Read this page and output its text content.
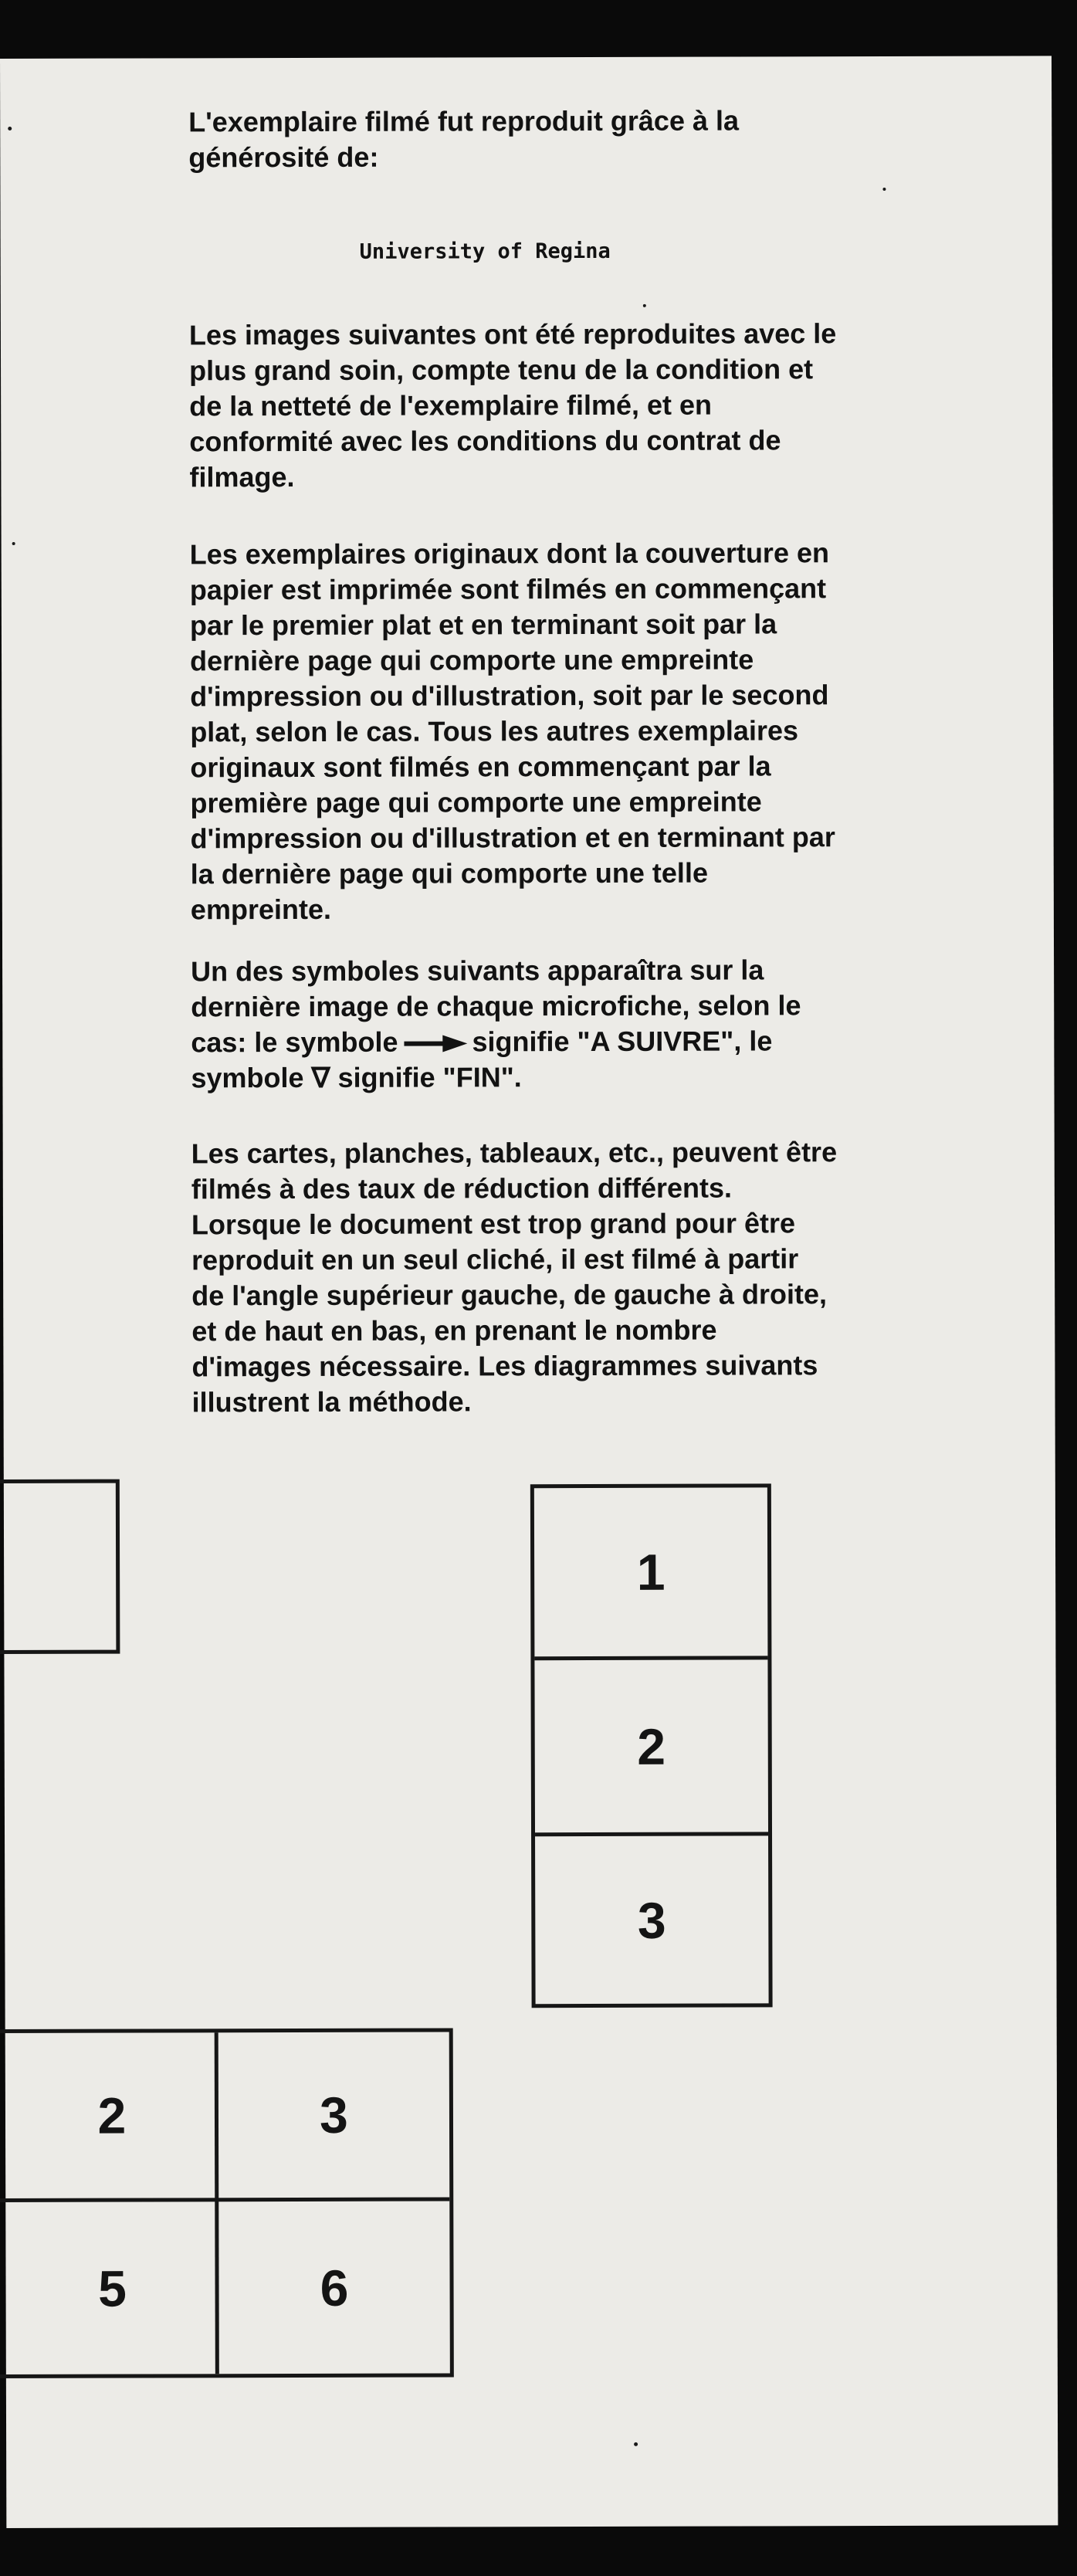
L'exemplaire filmé fut reproduit grâce à la
générosité de:

University of Regina

Les images suivantes ont été reproduites avec le
plus grand soin, compte tenu de la condition et
de la netteté de l'exemplaire filmé, et en
conformité avec les conditions du contrat de
filmage.

Les exemplaires originaux dont la couverture en
papier est imprimée sont filmés en commençant
par le premier plat et en terminant soit par la
dernière page qui comporte une empreinte
d'impression ou d'illustration, soit par le second
plat, selon le cas. Tous les autres exemplaires
originaux sont filmés en commençant par la
première page qui comporte une empreinte
d'impression ou d'illustration et en terminant par
la dernière page qui comporte une telle
empreinte.

Un des symboles suivants apparaîtra sur la
dernière image de chaque microfiche, selon le
cas: le symbole	signifie "A SUIVRE", le
symbole ∇ signifie "FIN".

Les cartes, planches, tableaux, etc., peuvent être
filmés à des taux de réduction différents.
Lorsque le document est trop grand pour être
reproduit en un seul cliché, il est filmé à partir
de l'angle supérieur gauche, de gauche à droite,
et de haut en bas, en prenant le nombre
d'images nécessaire. Les diagrammes suivants
illustrent la méthode.

1
2
3
2	3
5	6
